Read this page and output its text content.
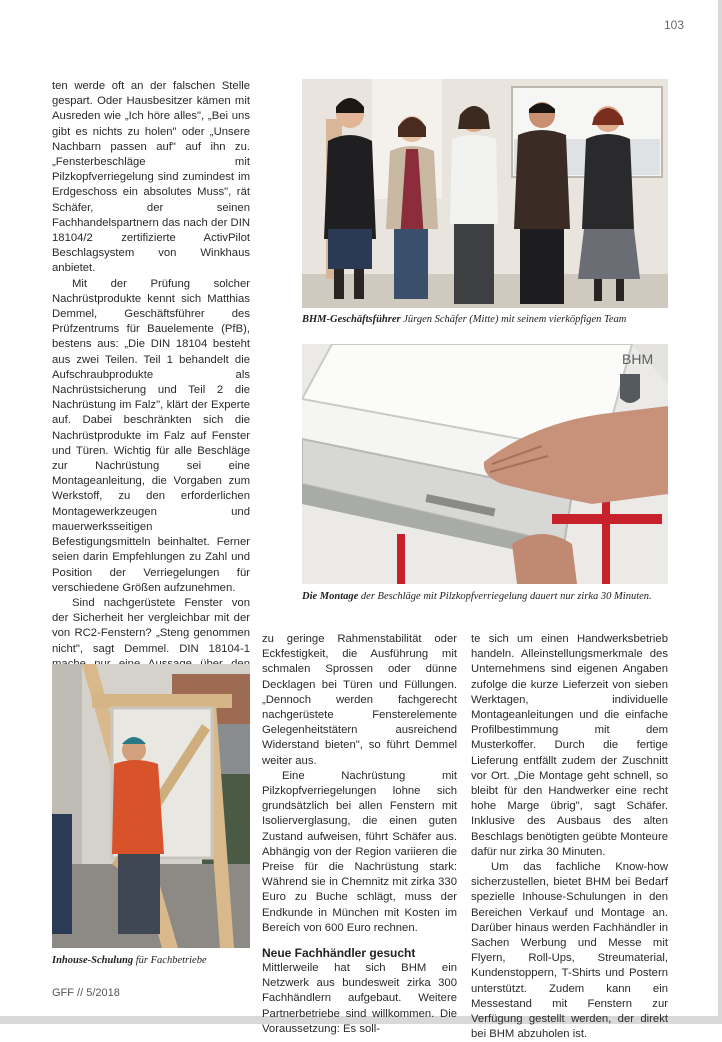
103

ten werde oft an der falschen Stelle gespart. Oder Hausbesitzer kämen mit Ausreden wie „Ich höre alles", „Bei uns gibt es nichts zu holen" oder „Unsere Nachbarn passen auf" auf ihn zu. „Fensterbeschläge mit Pilzkopfverriegelung sind zumindest im Erdgeschoss ein absolutes Muss", rät Schäfer, der seinen Fachhandelspartnern das nach der DIN 18104/2 zertifizierte ActivPilot Beschlagsystem von Winkhaus anbietet.

Mit der Prüfung solcher Nachrüstprodukte kennt sich Matthias Demmel, Geschäftsführer des Prüfzentrums für Bauelemente (PfB), bestens aus: „Die DIN 18104 besteht aus zwei Teilen. Teil 1 behandelt die Aufschraubprodukte als Nachrüstsicherung und Teil 2 die Nachrüstung im Falz", klärt der Experte auf. Dabei beschränkten sich die Nachrüstprodukte im Falz auf Fenster und Türen. Wichtig für alle Beschläge zur Nachrüstung sei eine Montageanleitung, die Vorgaben zum Werkstoff, zu den erforderlichen Montagewerkzeugen und mauerwerksseitigen Befestigungsmitteln beinhaltet. Ferner seien darin Empfehlungen zu Zahl und Position der Verriegelungen für verschiedene Größen aufzunehmen.

Sind nachgerüstete Fenster von der Sicherheit her vergleichbar mit der von RC2-Fenstern? „Steng genommen nicht", sagt Demmel. DIN 18104-1

BHM-Geschäftsführer Jürgen Schäfer (Mitte) mit seinem vierköpfigen Team
BHM
Die Montage der Beschläge mit Pilzkopfverriegelung dauert nur zirka 30 Minuten.
Inhouse-Schulung für Fachbetriebe

zu geringe Rahmenstabilität oder Eckfestigkeit, die Ausführung mit schmalen Sprossen oder dünne Decklagen bei Türen und Füllungen. „Dennoch werden fachgerecht nachgerüstete Fensterelemente Gelegenheitstätern ausreichend Widerstand bieten", so führt Demmel weiter aus.

Eine Nachrüstung mit Pilzkopfverriegelungen lohne sich grundsätzlich bei allen Fenstern mit Isolierverglasung, die einen guten Zustand aufweisen, führt Schäfer aus. Abhängig von der Region variieren die Preise für die Nachrüstung stark: Während sie in Chemnitz mit zirka 330 Euro zu Buche schlägt, muss der Endkunde in München mit Kosten im Bereich von 600 Euro rechnen.

Neue Fachhändler gesucht

Mittlerweile hat sich BHM ein Netzwerk aus bundesweit zirka 300 Fachhändlern aufgebaut. Weitere Partnerbetriebe sind willkommen. Die Voraussetzung: Es soll-

te sich um einen Handwerksbetrieb handeln. Alleinstellungsmerkmale des Unternehmens sind eigenen Angaben zufolge die kurze Lieferzeit von sieben Werktagen, individuelle Montageanleitungen und die einfache Profilbestimmung mit dem Musterkoffer. Durch die fertige Lieferung entfällt zudem der Zuschnitt vor Ort. „Die Montage geht schnell, so bleibt für den Handwerker eine recht hohe Marge übrig", sagt Schäfer. Inklusive des Ausbaus des alten Beschlags benötigten geübte Monteure dafür nur zirka 30 Minuten.

Um das fachliche Know-how sicherzustellen, bietet BHM bei Bedarf spezielle Inhouse-Schulungen in den Bereichen Verkauf und Montage an. Darüber hinaus werden Fachhändler in Sachen Werbung und Messe mit Flyern, Roll-Ups, Streumaterial, Kundenstoppern, T-Shirts und Postern unterstützt. Zudem kann ein Messestand mit Fenstern zur Verfügung gestellt werden, der direkt bei BHM abzuholen ist.

GFF // 5/2018
